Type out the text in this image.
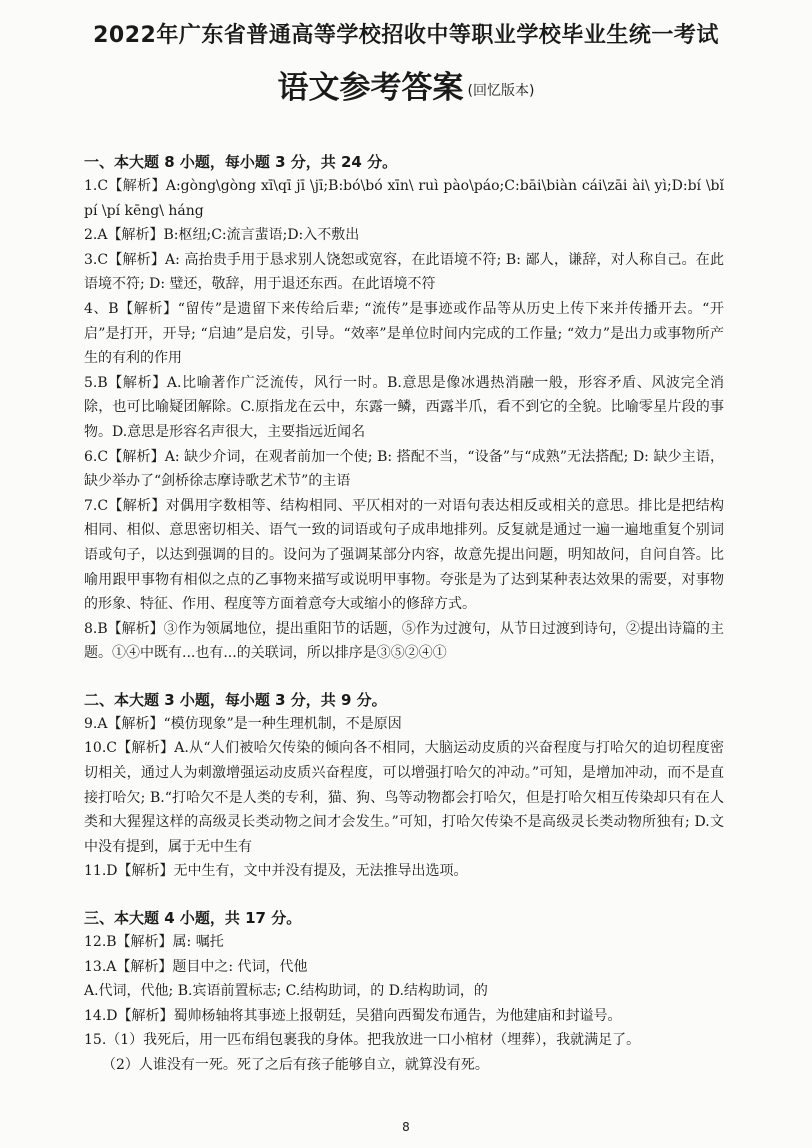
2022年广东省普通高等学校招收中等职业学校毕业生统一考试
语文参考答案 (回忆版本)

一、本大题 8 小题，每小题 3 分，共 24 分。

1.C【解析】A:gòng\gòng xī\qī jī \jī;B:bó\bó xīn\ ruì pào\páo;C:bāi\biàn cái\zāi ài\ yì;D:bí \bǐ pí \pí kēng\ háng

2.A【解析】B:枢纽;C:流言蜚语;D:入不敷出

3.C【解析】A: 高抬贵手用于恳求别人饶恕或宽容，在此语境不符; B: 鄙人，谦辞，对人称自己。在此语境不符; D: 璧还，敬辞，用于退还东西。在此语境不符

4、B【解析】“留传”是遗留下来传给后辈; “流传”是事迹或作品等从历史上传下来并传播开去。“开启”是打开，开导; “启迪”是启发，引导。“效率”是单位时间内完成的工作量; “效力”是出力或事物所产生的有利的作用

5.B【解析】A.比喻著作广泛流传，风行一时。B.意思是像冰遇热消融一般，形容矛盾、风波完全消除，也可比喻疑团解除。C.原指龙在云中，东露一鳞，西露半爪，看不到它的全貌。比喻零星片段的事物。D.意思是形容名声很大，主要指远近闻名

6.C【解析】A: 缺少介词，在观者前加一个使; B: 搭配不当，“设备”与“成熟”无法搭配; D: 缺少主语，缺少举办了“剑桥徐志摩诗歌艺术节”的主语

7.C【解析】对偶用字数相等、结构相同、平仄相对的一对语句表达相反或相关的意思。排比是把结构相同、相似、意思密切相关、语气一致的词语或句子成串地排列。反复就是通过一遍一遍地重复个别词语或句子，以达到强调的目的。设问为了强调某部分内容，故意先提出问题，明知故问，自问自答。比喻用跟甲事物有相似之点的乙事物来描写或说明甲事物。夸张是为了达到某种表达效果的需要，对事物的形象、特征、作用、程度等方面着意夸大或缩小的修辞方式。

8.B【解析】③作为领属地位，提出重阳节的话题，⑤作为过渡句，从节日过渡到诗句，②提出诗篇的主题。①④中既有...也有...的关联词，所以排序是③⑤②④①

二、本大题 3 小题，每小题 3 分，共 9 分。

9.A【解析】“模仿现象”是一种生理机制，不是原因

10.C【解析】A.从“人们被哈欠传染的倾向各不相同，大脑运动皮质的兴奋程度与打哈欠的迫切程度密切相关，通过人为刺激增强运动皮质兴奋程度，可以增强打哈欠的冲动。”可知，是增加冲动，而不是直接打哈欠; B.“打哈欠不是人类的专利，猫、狗、鸟等动物都会打哈欠，但是打哈欠相互传染却只有在人类和大猩猩这样的高级灵长类动物之间才会发生。”可知，打哈欠传染不是高级灵长类动物所独有; D.文中没有提到，属于无中生有

11.D【解析】无中生有，文中并没有提及，无法推导出选项。

三、本大题 4 小题，共 17 分。

12.B【解析】属: 嘱托

13.A【解析】题目中之: 代词，代他

A.代词，代他; B.宾语前置标志; C.结构助词，的 D.结构助词，的

14.D【解析】蜀帅杨轴将其事迹上报朝廷，吴猎向西蜀发布通告，为他建庙和封谥号。

15.（1）我死后，用一匹布绢包裹我的身体。把我放进一口小棺材（埋葬），我就满足了。

（2）人谁没有一死。死了之后有孩子能够自立，就算没有死。

8
